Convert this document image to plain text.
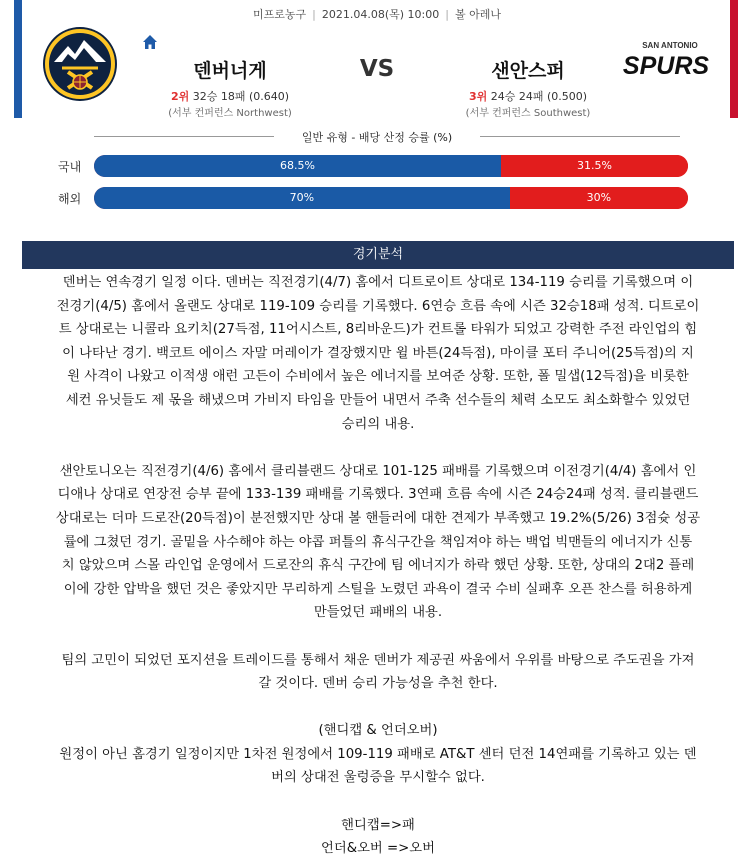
미프로농구 | 2021.04.08(목) 10:00 | 볼 아레나
덴버너게
2위 32승 18패 (0.640)
(서부 컨퍼런스 Northwest)
VS	샌안스퍼
3위 24승 24패 (0.500)
(서부 컨퍼런스 Southwest)
SAN ANTONIO
SPURS
일반 유형 - 배당 산정 승률 (%)
국내	68.5%	31.5%
해외	70%	30%
경기분석

덴버는 연속경기 일정 이다. 덴버는 직전경기(4/7) 홈에서 디트로이트 상대로 134-119 승리를 기록했으며 이
전경기(4/5) 홈에서 올랜도 상대로 119-109 승리를 기록했다. 6연승 흐름 속에 시즌 32승18패 성적. 디트로이
트 상대로는 니콜라 요키치(27득점, 11어시스트, 8리바운드)가 컨트롤 타워가 되었고 강력한 주전 라인업의 힘
이 나타난 경기. 백코트 에이스 자말 머레이가 결장했지만 윌 바튼(24득점), 마이클 포터 주니어(25득점)의 지
원 사격이 나왔고 이적생 애런 고든이 수비에서 높은 에너지를 보여준 상황. 또한, 폴 밀샙(12득점)을 비롯한
세컨 유닛들도 제 몫을 해냈으며 가비지 타임을 만들어 내면서 주축 선수들의 체력 소모도 최소화할수 있었던
승리의 내용.

샌안토니오는 직전경기(4/6) 홈에서 클리블랜드 상대로 101-125 패배를 기록했으며 이전경기(4/4) 홈에서 인
디애나 상대로 연장전 승부 끝에 133-139 패배를 기록했다. 3연패 흐름 속에 시즌 24승24패 성적. 클리블랜드
상대로는 더마 드로잔(20득점)이 분전했지만 상대 볼 핸들러에 대한 견제가 부족했고 19.2%(5/26) 3점슛 성공
률에 그쳤던 경기. 골밑을 사수해야 하는 야콥 퍼틀의 휴식구간을 책임져야 하는 백업 빅맨들의 에너지가 신통
치 않았으며 스몰 라인업 운영에서 드로잔의 휴식 구간에 팀 에너지가 하락 했던 상황. 또한, 상대의 2대2 플레
이에 강한 압박을 했던 것은 좋았지만 무리하게 스틸을 노렸던 과욕이 결국 수비 실패후 오픈 찬스를 허용하게
만들었던 패배의 내용.

팀의 고민이 되었던 포지션을 트레이드를 통해서 채운 덴버가 제공권 싸움에서 우위를 바탕으로 주도권을 가져
갈 것이다. 덴버 승리 가능성을 추천 한다.

(핸디캡 & 언더오버)
원정이 아닌 홈경기 일정이지만 1차전 원정에서 109-119 패배로 AT&T 센터 던전 14연패를 기록하고 있는 덴
버의 상대전 울렁증을 무시할수 없다.

핸디캡=>패
언더&오버 =>오버
